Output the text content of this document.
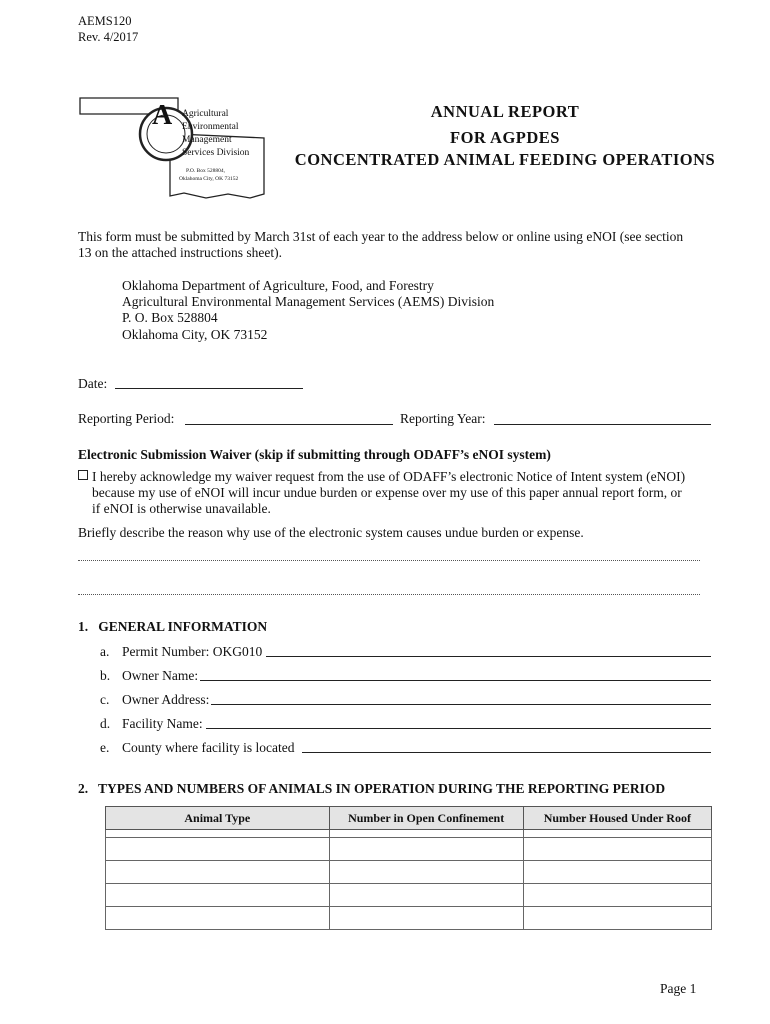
AEMS120
Rev. 4/2017
A Agricultural
Environmental
Management
Services Division
P.O. Box 528804,
Oklahoma City, OK 73152
ANNUAL REPORT
FOR AGPDES
CONCENTRATED ANIMAL FEEDING OPERATIONS
This form must be submitted by March 31st of each year to the address below or online using eNOI (see section
13 on the attached instructions sheet).
Oklahoma Department of Agriculture, Food, and Forestry
Agricultural Environmental Management Services (AEMS) Division
P. O. Box 528804
Oklahoma City, OK 73152
Date:
Reporting Period:	Reporting Year:
Electronic Submission Waiver (skip if submitting through ODAFF’s eNOI system)
I hereby acknowledge my waiver request from the use of ODAFF’s electronic Notice of Intent system (eNOI)
because my use of eNOI will incur undue burden or expense over my use of this paper annual report form, or
if eNOI is otherwise unavailable.
Briefly describe the reason why use of the electronic system causes undue burden or expense.
1.   GENERAL INFORMATION
a. Permit Number: OKG010
b. Owner Name:
c. Owner Address:
d. Facility Name:
e. County where facility is located
2.   TYPES AND NUMBERS OF ANIMALS IN OPERATION DURING THE REPORTING PERIOD
Animal Type	Number in Open Confinement	Number Housed Under Roof

Page 1
